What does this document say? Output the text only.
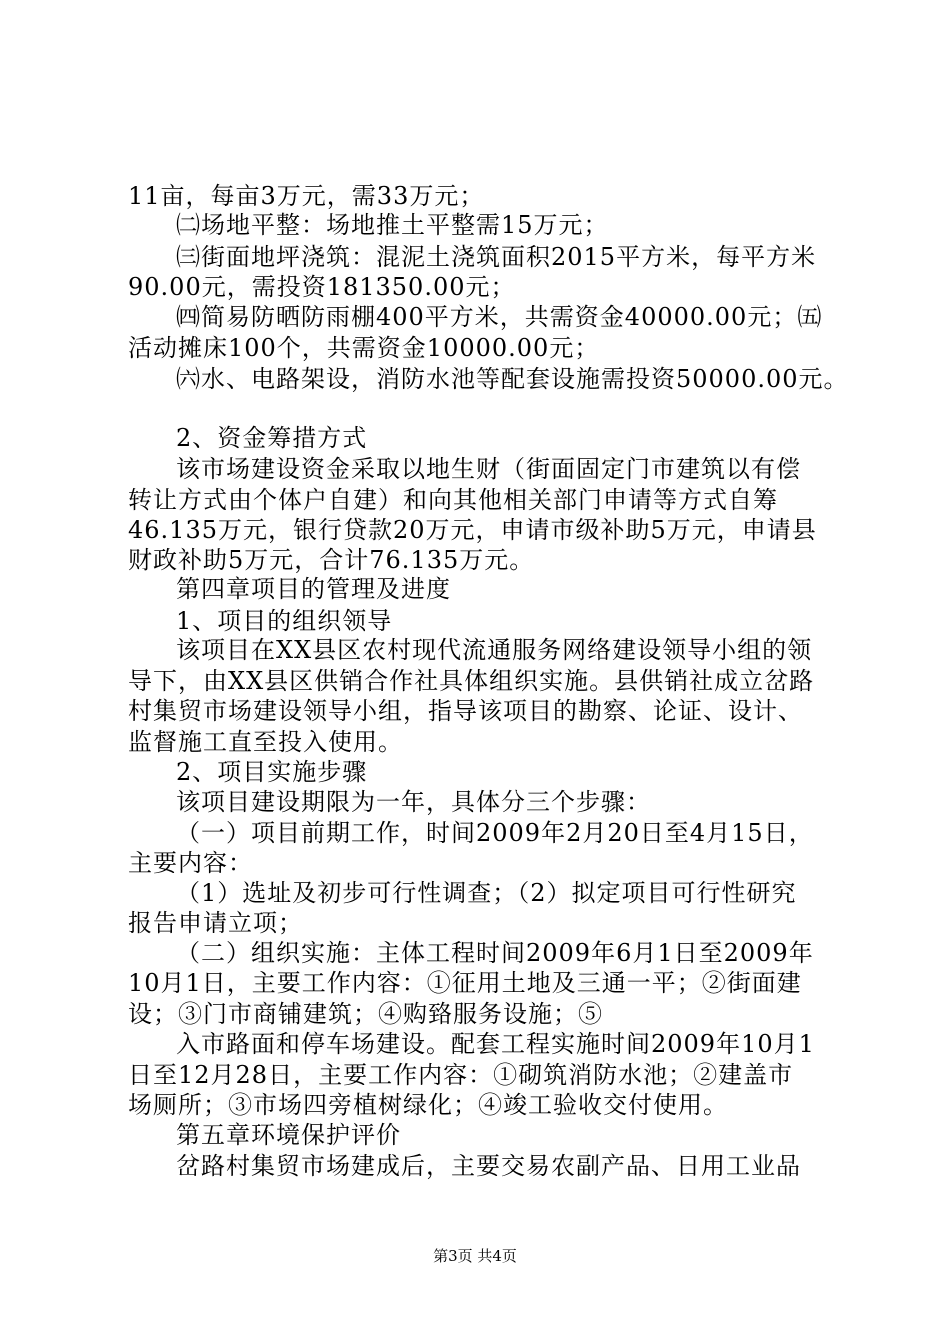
11亩，每亩3万元，需33万元；
㈡场地平整：场地推土平整需15万元；
㈢街面地坪浇筑：混泥土浇筑面积2015平方米，每平方米
90.00元，需投资181350.00元；
㈣简易防晒防雨棚400平方米，共需资金40000.00元；㈤
活动摊床100个，共需资金10000.00元；
㈥水、电路架设，消防水池等配套设施需投资50000.00元。
2、资金筹措方式
该市场建设资金采取以地生财（街面固定门市建筑以有偿
转让方式由个体户自建）和向其他相关部门申请等方式自筹
46.135万元，银行贷款20万元，申请市级补助5万元，申请县
财政补助5万元，合计76.135万元。
第四章项目的管理及进度
1、项目的组织领导
该项目在XX县区农村现代流通服务网络建设领导小组的领
导下，由XX县区供销合作社具体组织实施。县供销社成立岔路
村集贸市场建设领导小组，指导该项目的勘察、论证、设计、
监督施工直至投入使用。
2、项目实施步骤
该项目建设期限为一年，具体分三个步骤：
（一）项目前期工作，时间2009年2月20日至4月15日，
主要内容：
（1）选址及初步可行性调查；（2）拟定项目可行性研究
报告申请立项；
（二）组织实施：主体工程时间2009年6月1日至2009年
10月1日，主要工作内容：①征用土地及三通一平；②街面建
设；③门市商铺建筑；④购臵服务设施；⑤
入市路面和停车场建设。配套工程实施时间2009年10月1
日至12月28日，主要工作内容：①砌筑消防水池；②建盖市
场厕所；③市场四旁植树绿化；④竣工验收交付使用。
第五章环境保护评价
岔路村集贸市场建成后，主要交易农副产品、日用工业品
第3页 共4页
